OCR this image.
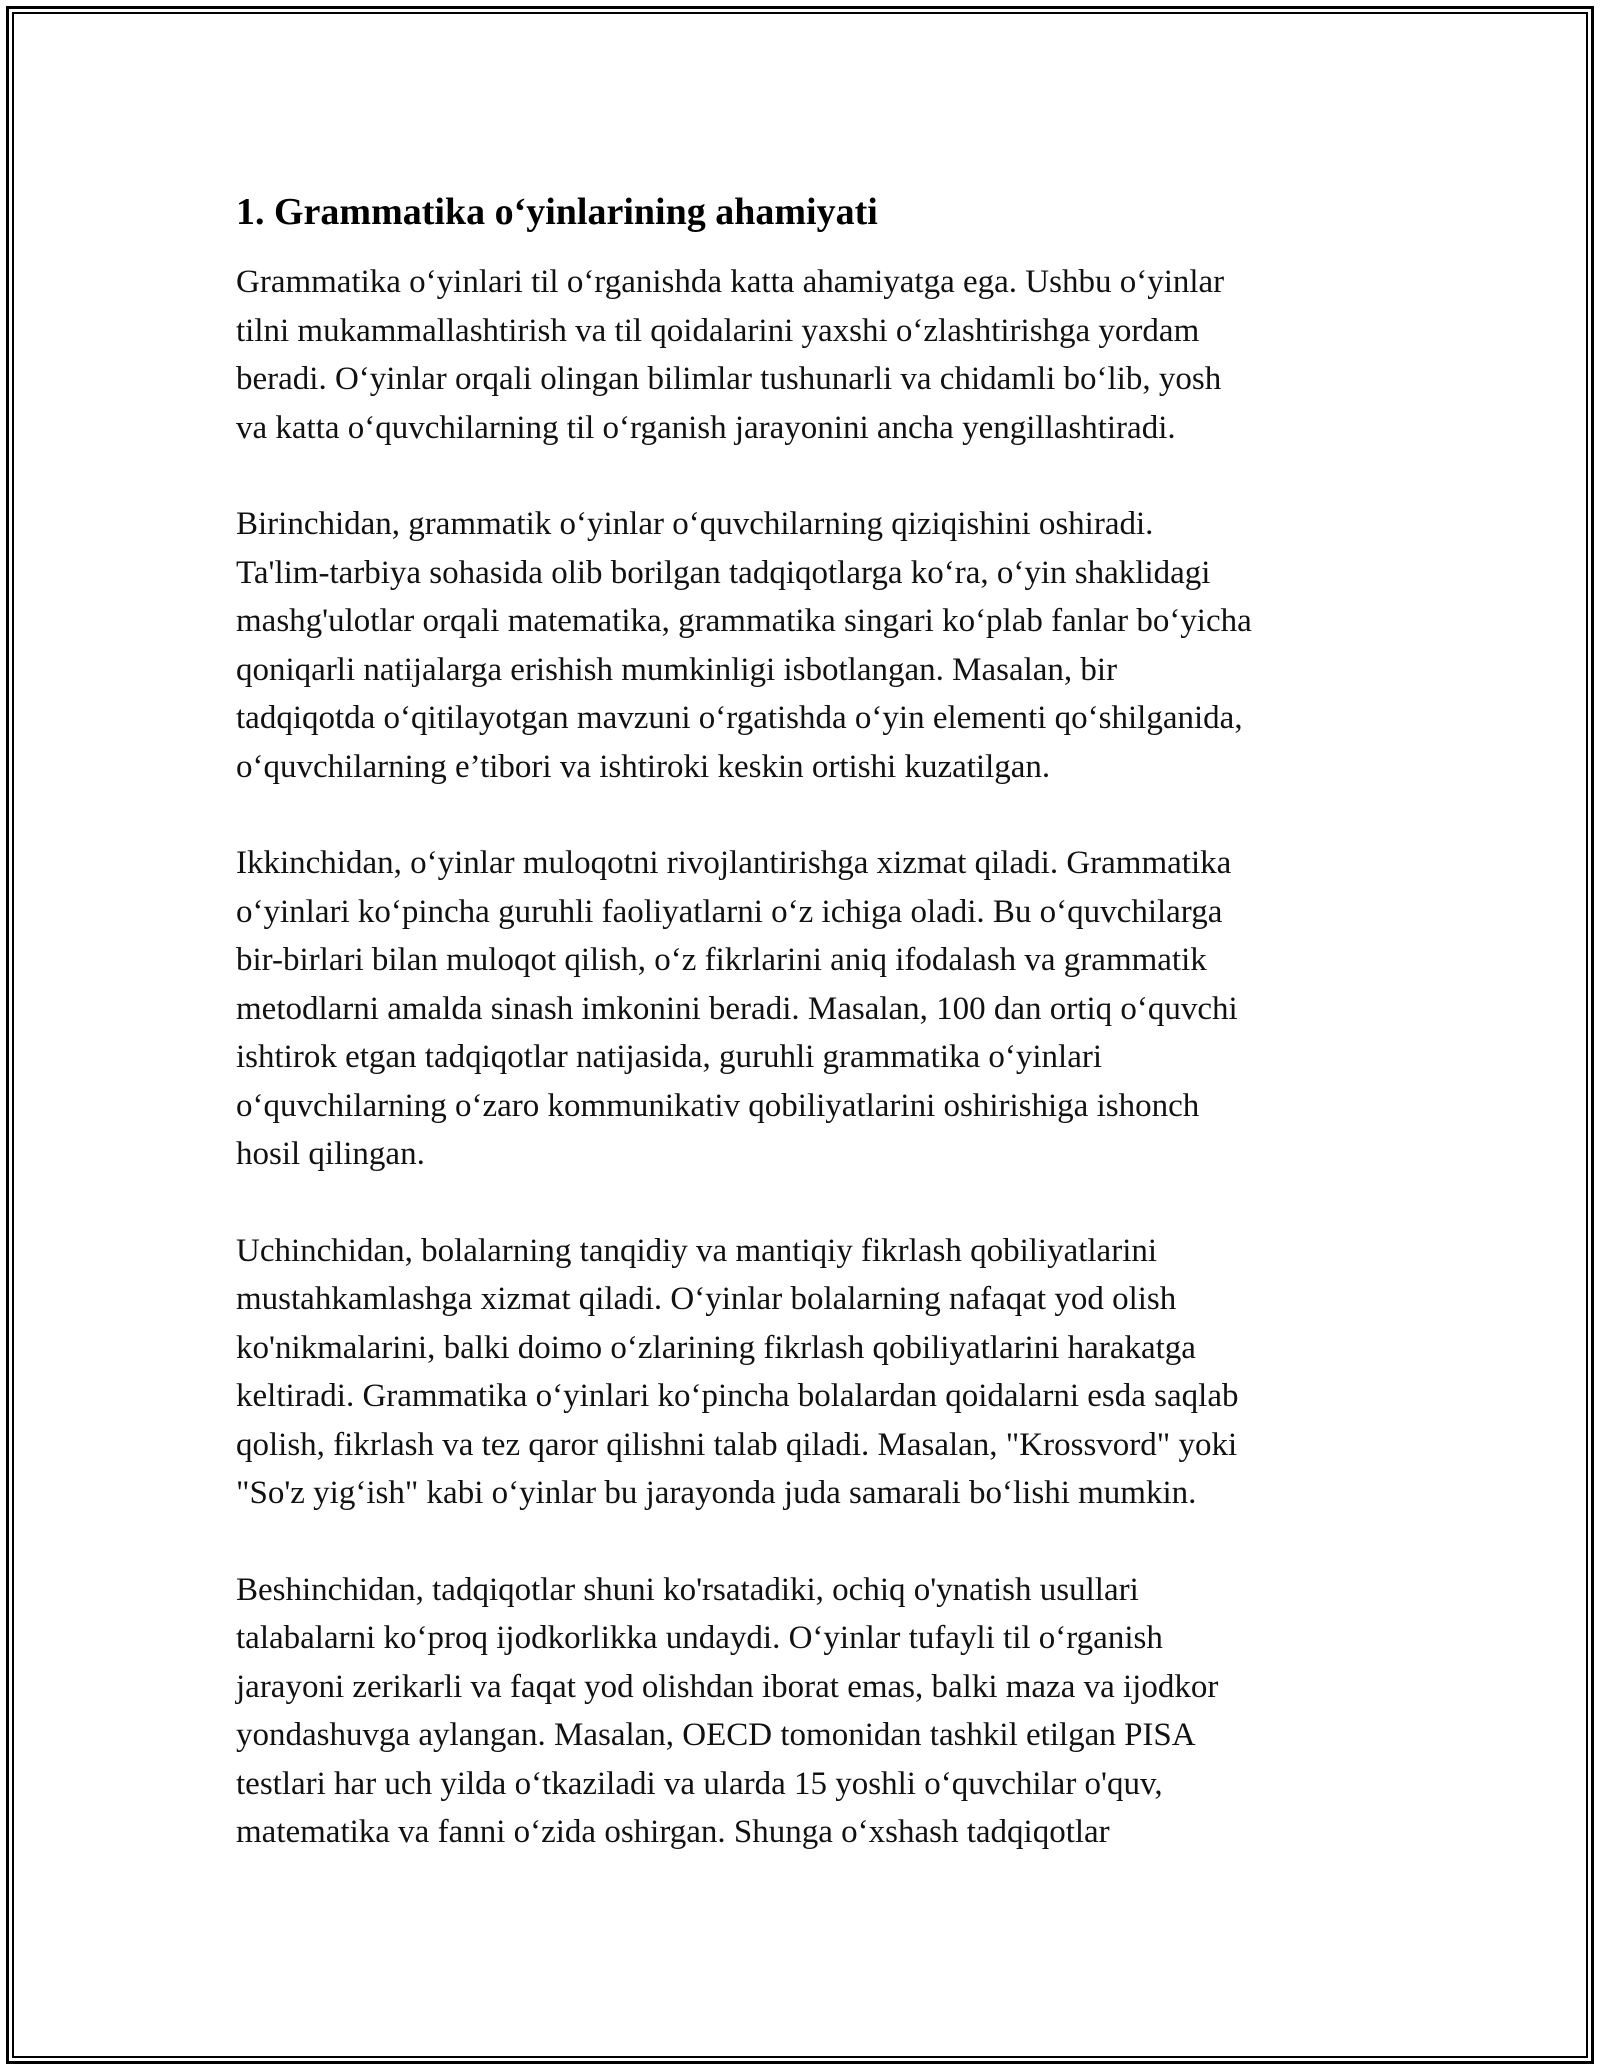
1. Grammatika o‘yinlarining ahamiyati
Grammatika o‘yinlari til o‘rganishda katta ahamiyatga ega. Ushbu o‘yinlar
tilni mukammallashtirish va til qoidalarini yaxshi o‘zlashtirishga yordam
beradi. O‘yinlar orqali olingan bilimlar tushunarli va chidamli bo‘lib, yosh
va katta o‘quvchilarning til o‘rganish jarayonini ancha yengillashtiradi.
Birinchidan, grammatik o‘yinlar o‘quvchilarning qiziqishini oshiradi.
Ta'lim-tarbiya sohasida olib borilgan tadqiqotlarga ko‘ra, o‘yin shaklidagi
mashg'ulotlar orqali matematika, grammatika singari ko‘plab fanlar bo‘yicha
qoniqarli natijalarga erishish mumkinligi isbotlangan. Masalan, bir
tadqiqotda o‘qitilayotgan mavzuni o‘rgatishda o‘yin elementi qo‘shilganida,
o‘quvchilarning e’tibori va ishtiroki keskin ortishi kuzatilgan.
Ikkinchidan, o‘yinlar muloqotni rivojlantirishga xizmat qiladi. Grammatika
o‘yinlari ko‘pincha guruhli faoliyatlarni o‘z ichiga oladi. Bu o‘quvchilarga
bir-birlari bilan muloqot qilish, o‘z fikrlarini aniq ifodalash va grammatik
metodlarni amalda sinash imkonini beradi. Masalan, 100 dan ortiq o‘quvchi
ishtirok etgan tadqiqotlar natijasida, guruhli grammatika o‘yinlari
o‘quvchilarning o‘zaro kommunikativ qobiliyatlarini oshirishiga ishonch
hosil qilingan.
Uchinchidan, bolalarning tanqidiy va mantiqiy fikrlash qobiliyatlarini
mustahkamlashga xizmat qiladi. O‘yinlar bolalarning nafaqat yod olish
ko'nikmalarini, balki doimo o‘zlarining fikrlash qobiliyatlarini harakatga
keltiradi. Grammatika o‘yinlari ko‘pincha bolalardan qoidalarni esda saqlab
qolish, fikrlash va tez qaror qilishni talab qiladi. Masalan, "Krossvord" yoki
"So'z yig‘ish" kabi o‘yinlar bu jarayonda juda samarali bo‘lishi mumkin.
Beshinchidan, tadqiqotlar shuni ko'rsatadiki, ochiq o'ynatish usullari
talabalarni ko‘proq ijodkorlikka undaydi. O‘yinlar tufayli til o‘rganish
jarayoni zerikarli va faqat yod olishdan iborat emas, balki maza va ijodkor
yondashuvga aylangan. Masalan, OECD tomonidan tashkil etilgan PISA
testlari har uch yilda o‘tkaziladi va ularda 15 yoshli o‘quvchilar o'quv,
matematika va fanni o‘zida oshirgan. Shunga o‘xshash tadqiqotlar
